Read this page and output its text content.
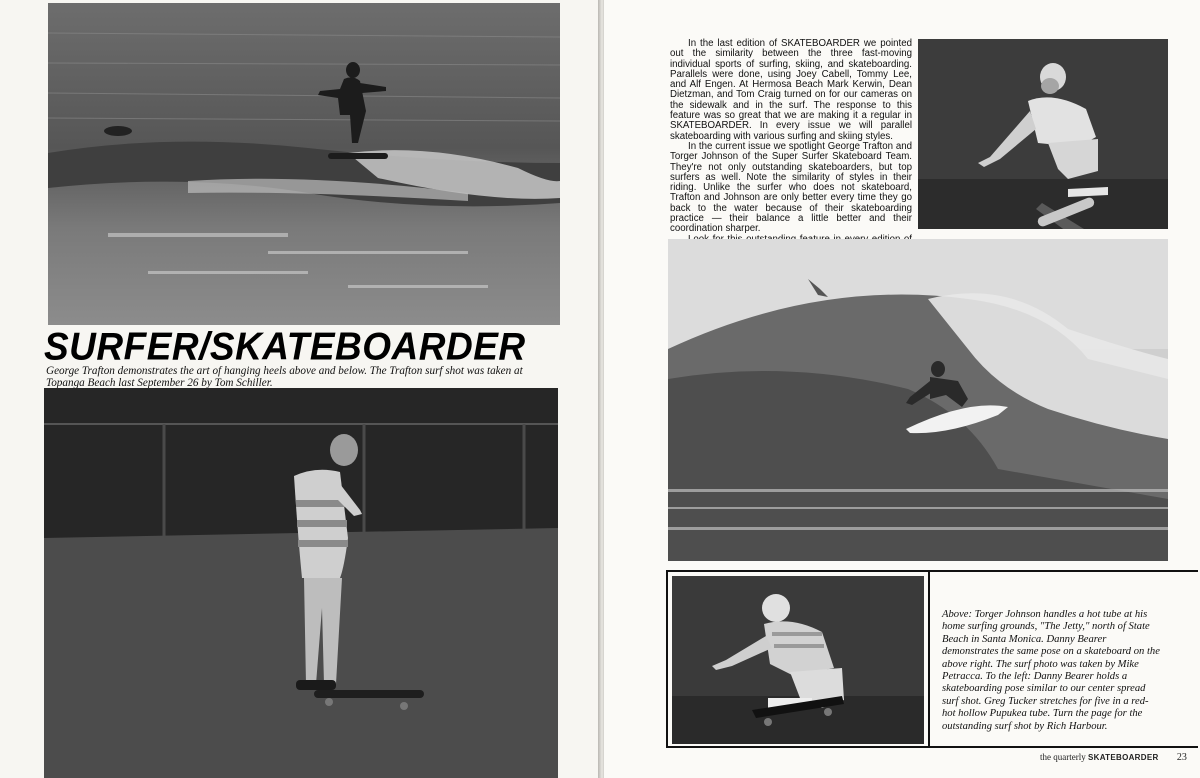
SURFER/SKATEBOARDER
George Trafton demonstrates the art of hanging heels above and below. The Trafton surf shot was taken at Topanga Beach last September 26 by Tom Schiller.

In the last edition of SKATEBOARDER we pointed out the similarity between the three fast-moving individual sports of surfing, skiing, and skateboarding. Parallels were done, using Joey Cabell, Tommy Lee, and Alf Engen. At Hermosa Beach Mark Kerwin, Dean Dietzman, and Tom Craig turned on for our cameras on the sidewalk and in the surf. The response to this feature was so great that we are making it a regular in SKATEBOARDER. In every issue we will parallel skateboarding with various surfing and skiing styles.

In the current issue we spotlight George Trafton and Torger Johnson of the Super Surfer Skateboard Team. They're not only outstanding skateboarders, but top surfers as well. Note the similarity of styles in their riding. Unlike the surfer who does not skateboard, Trafton and Johnson are only better every time they go back to the water because of their skateboarding practice — their balance a little better and their coordination sharper.

Above: Torger Johnson handles a hot tube at his home surfing grounds, "The Jetty," north of State Beach in Santa Monica. Danny Bearer demonstrates the same pose on a skateboard on the above right. The surf photo was taken by Mike Petracca. To the left: Danny Bearer holds a skateboarding pose similar to our center spread surf shot. Greg Tucker stretches for five in a red-hot hollow Pupukea tube. Turn the page for the outstanding surf shot by Rich Harbour.
the quarterly SKATEBOARDER 23
